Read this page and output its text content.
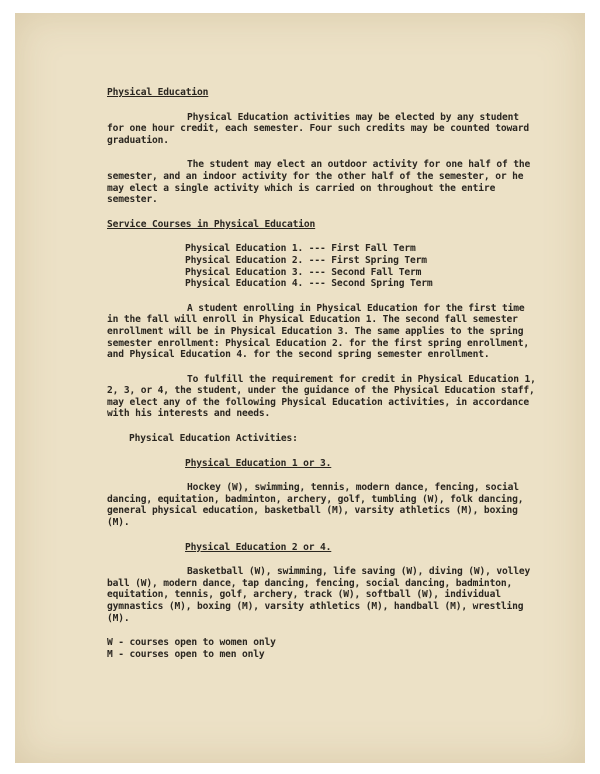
Physical Education

Physical Education activities may be elected by any student for one hour credit, each semester. Four such credits may be counted toward graduation.

The student may elect an outdoor activity for one half of the semester, and an indoor activity for the other half of the semester, or he may elect a single activity which is carried on throughout the entire semester.

Service Courses in Physical Education
Physical Education 1. --- First Fall Term
Physical Education 2. --- First Spring Term
Physical Education 3. --- Second Fall Term
Physical Education 4. --- Second Spring Term

A student enrolling in Physical Education for the first time in the fall will enroll in Physical Education 1. The second fall semester enrollment will be in Physical Education 3. The same applies to the spring semester enrollment: Physical Education 2. for the first spring enrollment, and Physical Education 4. for the second spring semester enrollment.

To fulfill the requirement for credit in Physical Education 1, 2, 3, or 4, the student, under the guidance of the Physical Education staff, may elect any of the following Physical Education activities, in accordance with his interests and needs.

Physical Education Activities:
Physical Education 1 or 3.

Hockey (W), swimming, tennis, modern dance, fencing, social dancing, equitation, badminton, archery, golf, tumbling (W), folk dancing, general physical education, basketball (M), varsity athletics (M), boxing (M).

Physical Education 2 or 4.

Basketball (W), swimming, life saving (W), diving (W), volley ball (W), modern dance, tap dancing, fencing, social dancing, badminton, equitation, tennis, golf, archery, track (W), softball (W), individual gymnastics (M), boxing (M), varsity athletics (M), handball (M), wrestling (M).

W - courses open to women only
M - courses open to men only
